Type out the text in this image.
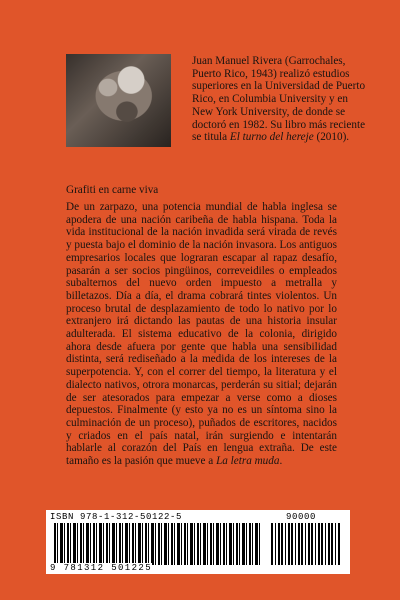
Juan Manuel Rivera (Garrochales, Puerto Rico, 1943) realizó estudios superiores en la Universidad de Puerto Rico, en Columbia University y en New York University, de donde se doctoró en 1982. Su libro más reciente se titula El turno del hereje (2010).
Grafiti en carne viva
De un zarpazo, una potencia mundial de habla inglesa se apodera de una nación caribeña de habla hispana. Toda la vida institucional de la nación invadida será virada de revés y puesta bajo el dominio de la nación invasora. Los antiguos empresarios locales que lograran escapar al rapaz desafío, pasarán a ser socios pingüinos, correveidiles o empleados subalternos del nuevo orden impuesto a metralla y billetazos. Día a día, el drama cobrará tintes violentos. Un proceso brutal de desplazamiento de todo lo nativo por lo extranjero irá dictando las pautas de una historia insular adulterada. El sistema educativo de la colonia, dirigido ahora desde afuera por gente que habla una sensibilidad distinta, será rediseñado a la medida de los intereses de la superpotencia. Y, con el correr del tiempo, la literatura y el dialecto nativos, otrora monarcas, perderán su sitial; dejarán de ser atesorados para empezar a verse como a dioses depuestos. Finalmente (y esto ya no es un síntoma sino la culminación de un proceso), puñados de escritores, nacidos y criados en el país natal, irán surgiendo e intentarán hablarle al corazón del País en lengua extraña. De este tamaño es la pasión que mueve a La letra muda.
ISBN 978-1-312-50122-5	90000
9 781312 501225
